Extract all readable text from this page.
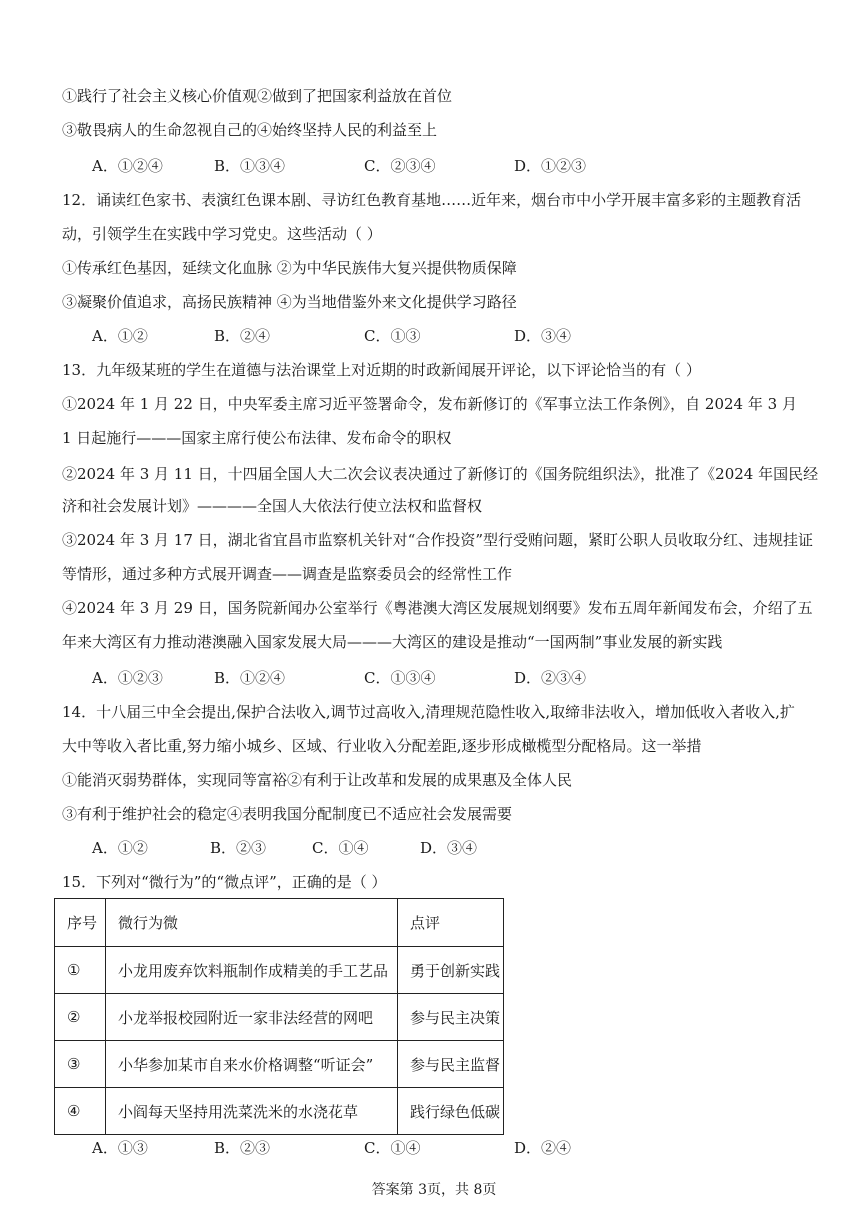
①践行了社会主义核心价值观②做到了把国家利益放在首位
③敬畏病人的生命忽视自己的④始终坚持人民的利益至上
A．①②④	B．①③④	C．②③④	D．①②③
12．诵读红色家书、表演红色课本剧、寻访红色教育基地……近年来，烟台市中小学开展丰富多彩的主题教育活
动，引领学生在实践中学习党史。这些活动（ ）
①传承红色基因，延续文化血脉 ②为中华民族伟大复兴提供物质保障
③凝聚价值追求，高扬民族精神 ④为当地借鉴外来文化提供学习路径
A．①②	B．②④	C．①③	D．③④
13．九年级某班的学生在道德与法治课堂上对近期的时政新闻展开评论，以下评论恰当的有（ ）
①2024 年 1 月 22 日，中央军委主席习近平签署命令，发布新修订的《军事立法工作条例》，自 2024 年 3 月
1 日起施行———国家主席行使公布法律、发布命令的职权
②2024 年 3 月 11 日，十四届全国人大二次会议表决通过了新修订的《国务院组织法》，批准了《2024 年国民经
济和社会发展计划》————全国人大依法行使立法权和监督权
③2024 年 3 月 17 日，湖北省宜昌市监察机关针对“合作投资”型行受贿问题，紧盯公职人员收取分红、违规挂证
等情形，通过多种方式展开调查——调查是监察委员会的经常性工作
④2024 年 3 月 29 日，国务院新闻办公室举行《粤港澳大湾区发展规划纲要》发布五周年新闻发布会，介绍了五
年来大湾区有力推动港澳融入国家发展大局———大湾区的建设是推动“一国两制”事业发展的新实践
A．①②③	B．①②④	C．①③④	D．②③④
14．十八届三中全会提出,保护合法收入,调节过高收入,清理规范隐性收入,取缔非法收入，增加低收入者收入,扩
大中等收入者比重,努力缩小城乡、区域、行业收入分配差距,逐步形成橄榄型分配格局。这一举措
①能消灭弱势群体，实现同等富裕②有利于让改革和发展的成果惠及全体人民
③有利于维护社会的稳定④表明我国分配制度已不适应社会发展需要
A．①②	B．②③	C．①④	D．③④
15．下列对“微行为”的“微点评”，正确的是（ ）
序号	微行为微	点评
①	小龙用废弃饮料瓶制作成精美的手工艺品	勇于创新实践
②	小龙举报校园附近一家非法经营的网吧	参与民主决策
③	小华参加某市自来水价格调整“听证会”	参与民主监督
④	小阎每天坚持用洗菜洗米的水浇花草	践行绿色低碳
A．①③	B．②③	C．①④	D．②④
答案第 3页，共 8页
